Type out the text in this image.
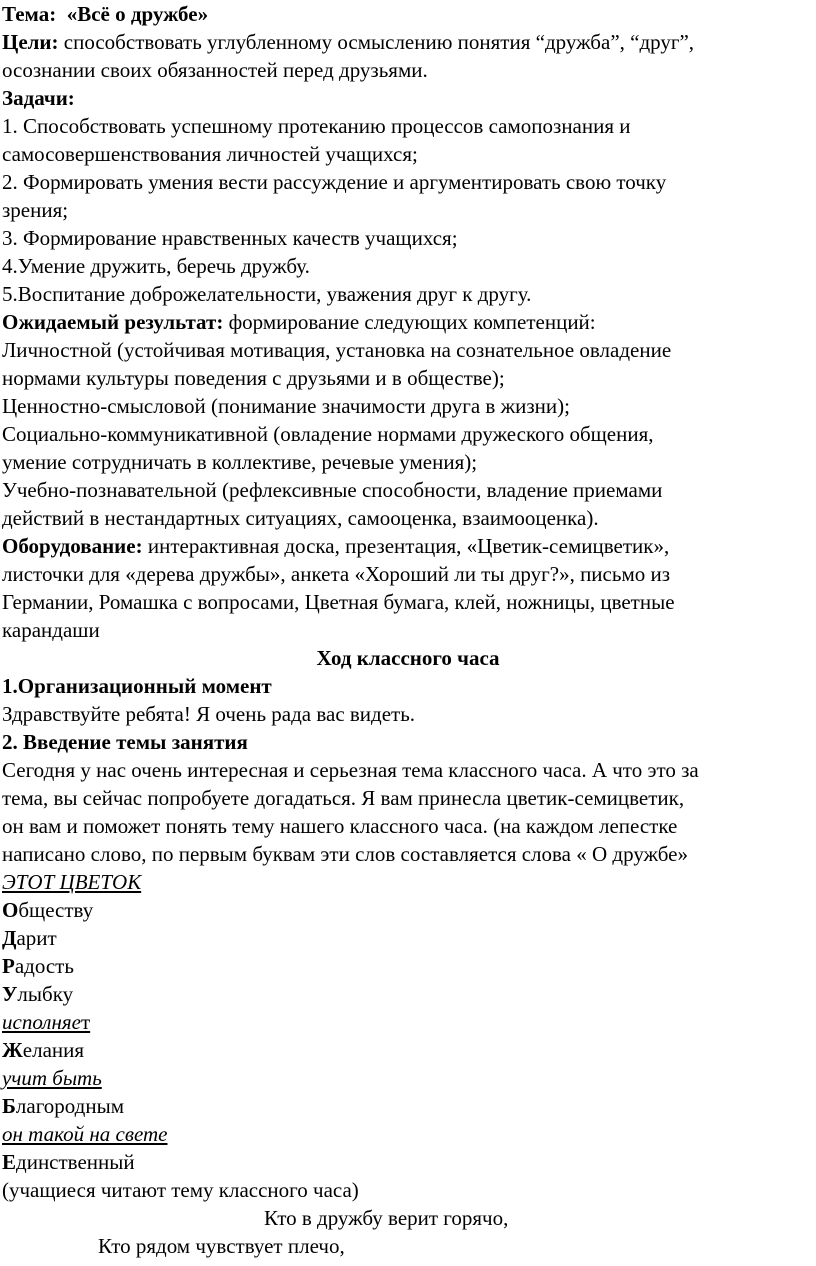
Тема: «Всё о дружбе»

Цели: способствовать углубленному осмыслению понятия “дружба”, “друг”,

осознании своих обязанностей перед друзьями.

Задачи:

1. Способствовать успешному протеканию процессов самопознания и

самосовершенствования личностей учащихся;

2. Формировать умения вести рассуждение и аргументировать свою точку

зрения;

3. Формирование нравственных качеств учащихся;

4.Умение дружить, беречь дружбу.

5.Воспитание доброжелательности, уважения друг к другу.

Ожидаемый результат: формирование следующих компетенций:

Личностной (устойчивая мотивация, установка на сознательное овладение

нормами культуры поведения с друзьями и в обществе);

Ценностно-смысловой (понимание значимости друга в жизни);

Социально-коммуникативной (овладение нормами дружеского общения,

умение сотрудничать в коллективе, речевые умения);

Учебно-познавательной (рефлексивные способности, владение приемами

действий в нестандартных ситуациях, самооценка, взаимооценка).

Оборудование: интерактивная доска, презентация, «Цветик-семицветик»,

листочки для «дерева дружбы», анкета «Хороший ли ты друг?», письмо из

Германии, Ромашка с вопросами, Цветная бумага, клей, ножницы, цветные

карандаши

Ход классного часа

1.Организационный момент

Здравствуйте ребята! Я очень рада вас видеть.

2. Введение темы занятия

Сегодня у нас очень интересная и серьезная тема классного часа. А что это за

тема, вы сейчас попробуете догадаться. Я вам принесла цветик-семицветик,

он вам и поможет понять тему нашего классного часа. (на каждом лепестке

написано слово, по первым буквам эти слов составляется слова « О дружбе»

ЭТОТ ЦВЕТОК

Обществу

Дарит

Радость

Улыбку

исполняет

Желания

учит быть

Благородным

он такой на свете

Единственный

(учащиеся читают тему классного часа)

Кто в дружбу верит горячо,

Кто рядом чувствует плечо,
